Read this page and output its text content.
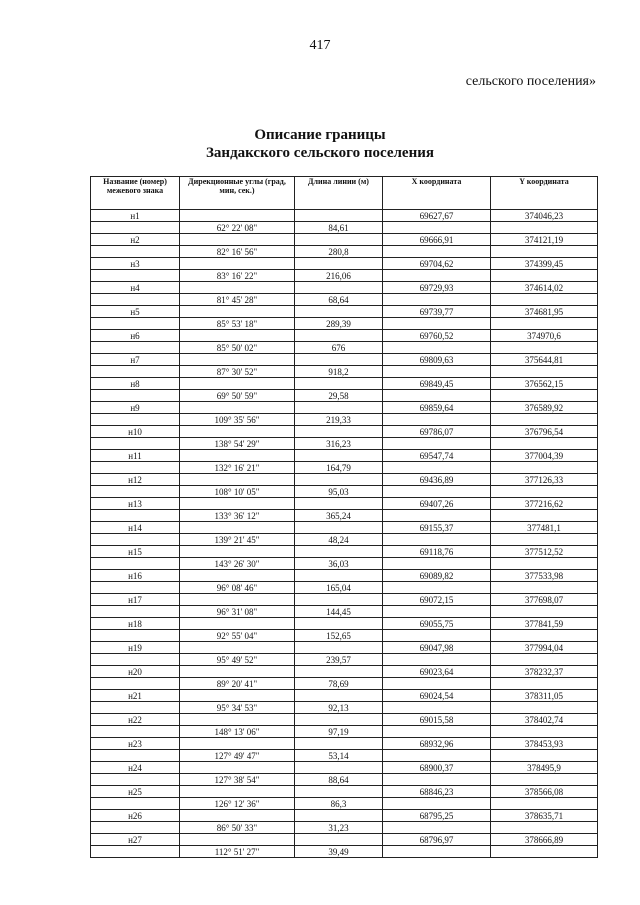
417
сельского поселения»
Описание границы
Зандакского сельского поселения
Название (номер) межевого знака	Дирекционные углы (град, мин, сек.)	Длина линии (м)	X координата	Y координата
н1			69627,67	374046,23
	62° 22' 08"	84,61		
н2			69666,91	374121,19
	82° 16' 56"	280,8		
н3			69704,62	374399,45
	83° 16' 22"	216,06		
н4			69729,93	374614,02
	81° 45' 28"	68,64		
н5			69739,77	374681,95
	85° 53' 18"	289,39		
н6			69760,52	374970,6
	85° 50' 02"	676		
н7			69809,63	375644,81
	87° 30' 52"	918,2		
н8			69849,45	376562,15
	69° 50' 59"	29,58		
н9			69859,64	376589,92
	109° 35' 56"	219,33		
н10			69786,07	376796,54
	138° 54' 29"	316,23		
н11			69547,74	377004,39
	132° 16' 21"	164,79		
н12			69436,89	377126,33
	108° 10' 05"	95,03		
н13			69407,26	377216,62
	133° 36' 12"	365,24		
н14			69155,37	377481,1
	139° 21' 45"	48,24		
н15			69118,76	377512,52
	143° 26' 30"	36,03		
н16			69089,82	377533,98
	96° 08' 46"	165,04		
н17			69072,15	377698,07
	96° 31' 08"	144,45		
н18			69055,75	377841,59
	92° 55' 04"	152,65		
н19			69047,98	377994,04
	95° 49' 52"	239,57		
н20			69023,64	378232,37
	89° 20' 41"	78,69		
н21			69024,54	378311,05
	95° 34' 53"	92,13		
н22			69015,58	378402,74
	148° 13' 06"	97,19		
н23			68932,96	378453,93
	127° 49' 47"	53,14		
н24			68900,37	378495,9
	127° 38' 54"	88,64		
н25			68846,23	378566,08
	126° 12' 36"	86,3		
н26			68795,25	378635,71
	86° 50' 33"	31,23		
н27			68796,97	378666,89
	112° 51' 27"	39,49		
